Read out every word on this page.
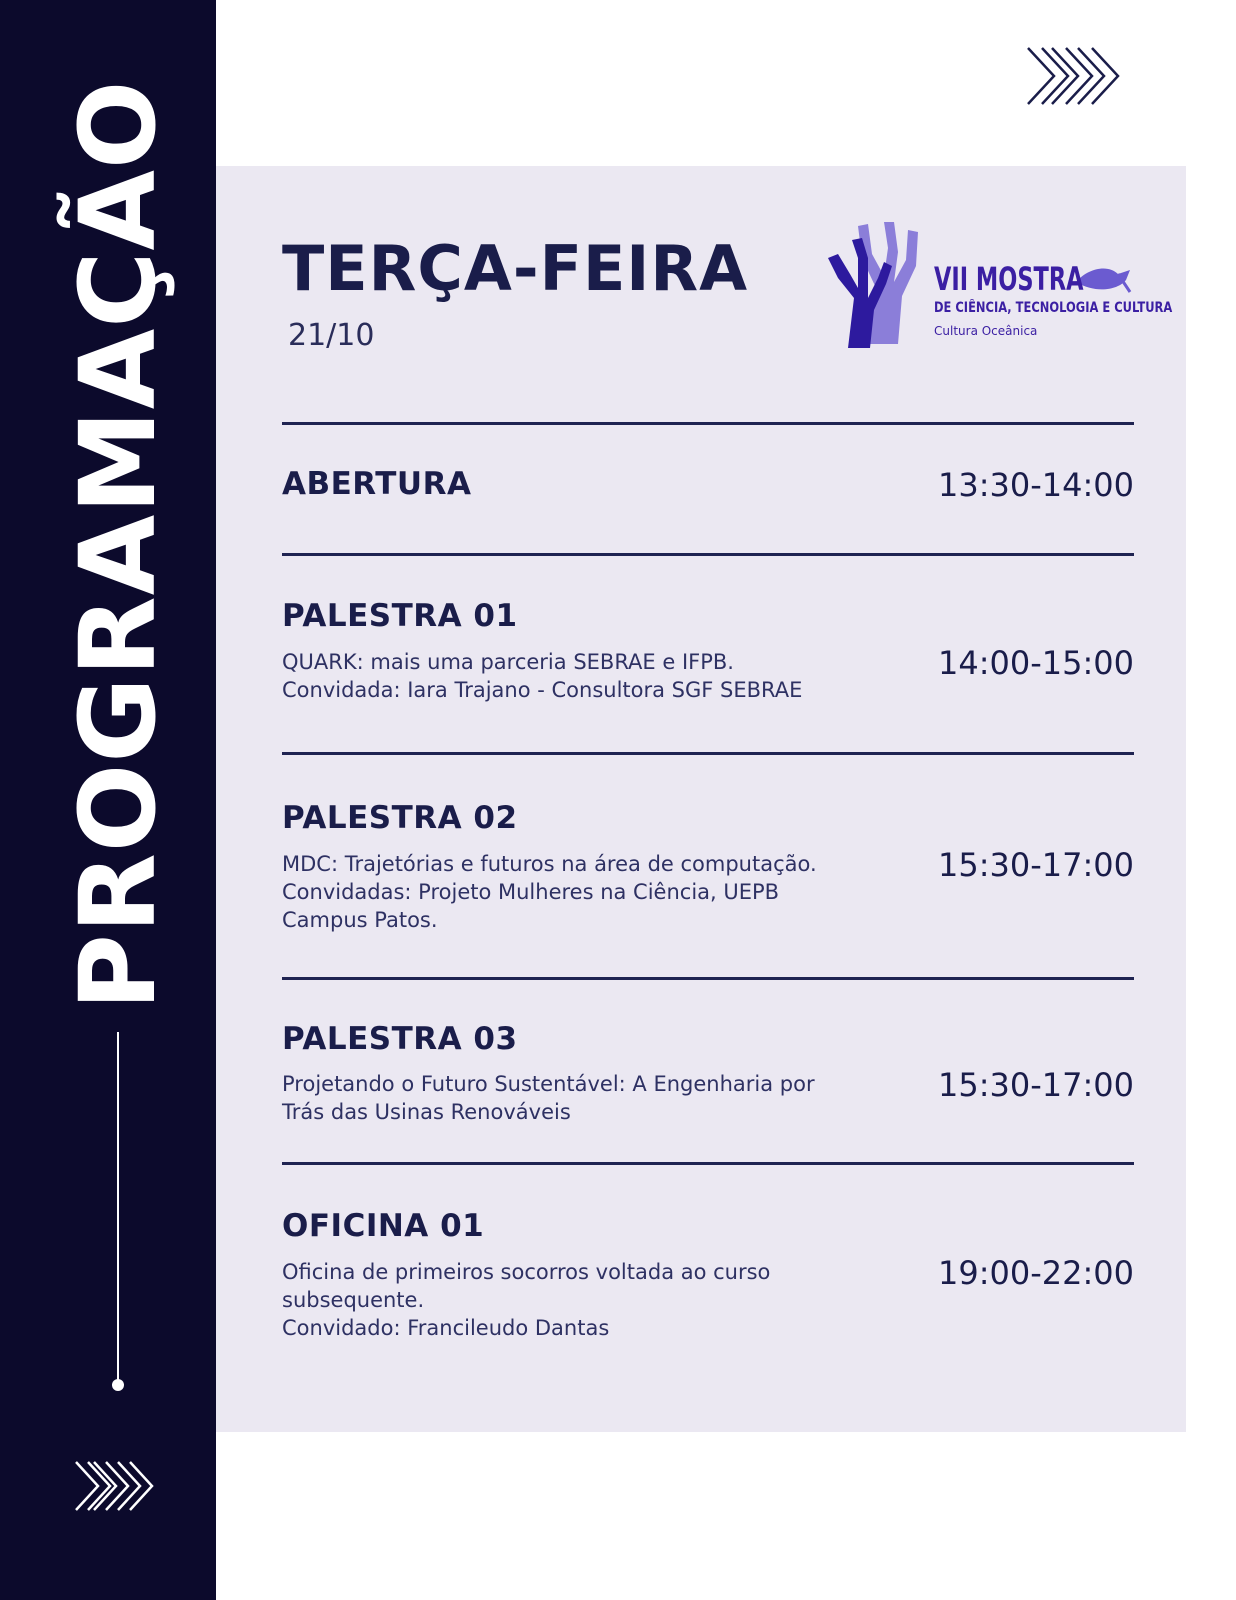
PROGRAMAÇÃO TERÇA-FEIRA
21/10
VII MOSTRA
DE CIÊNCIA, TECNOLOGIA E CULTURA
Cultura Oceânica
ABERTURA	13:30-14:00
PALESTRA 01
QUARK: mais uma parceria SEBRAE e IFPB.
Convidada: Iara Trajano - Consultora SGF SEBRAE
14:00-15:00
PALESTRA 02
MDC: Trajetórias e futuros na área de computação.
Convidadas: Projeto Mulheres na Ciência, UEPB
Campus Patos.
15:30-17:00
PALESTRA 03
Projetando o Futuro Sustentável: A Engenharia por
Trás das Usinas Renováveis
15:30-17:00
OFICINA 01
Oficina de primeiros socorros voltada ao curso
subsequente.
Convidado: Francileudo Dantas
19:00-22:00
